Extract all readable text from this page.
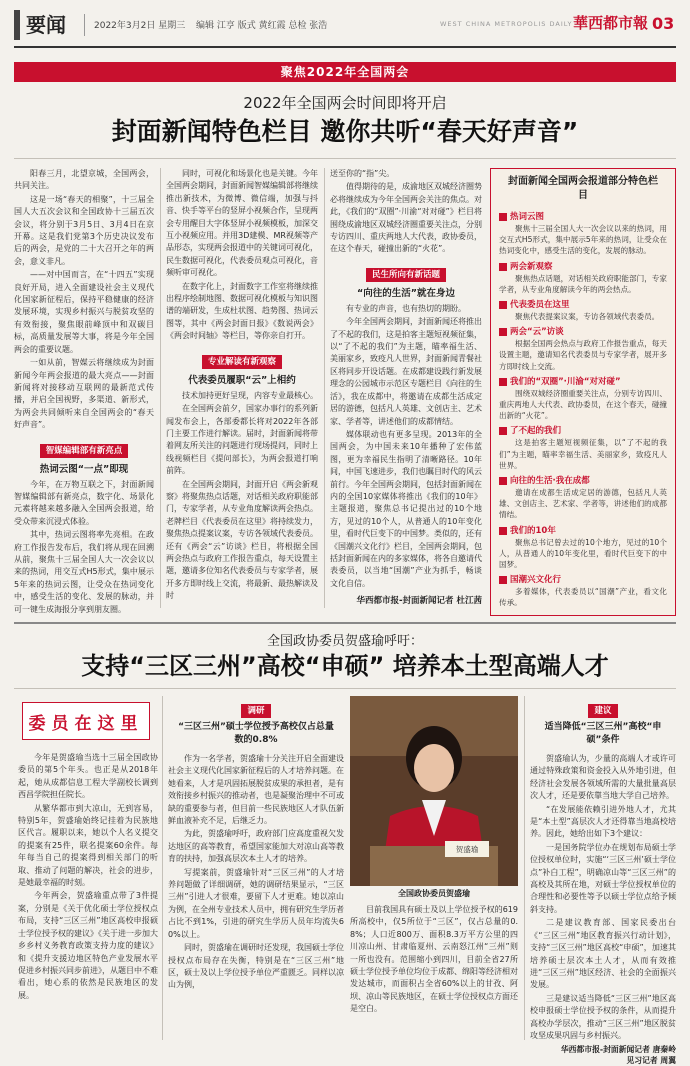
要闻	2022年3月2日 星期三 编辑 江亨 版式 黄红霞 总检 张浩	WEST CHINA METROPOLIS DAILY 華西都市報 03
聚焦2022年全国两会
2022年全国两会时间即将开启
封面新闻特色栏目 邀你共听“春天好声音”

阳春三月，北望京城，全国两会，共同关注。

这是一场“春天的相聚”，十三届全国人大五次会议和全国政协十三届五次会议，将分别于3月5日、3月4日在京开幕。这是我们党第3个历史决议发布后的两会，是党的二十大召开之年的两会，意义非凡。

——对中国而言，在“十四五”实现良好开局，进入全面建设社会主义现代化国家新征程后，保持平稳健康的经济发展环境，实现乡村振兴与脱贫攻坚的有效衔接，聚焦眼前峰顶中和双碳目标，高质量发展等大事，将是今年全国两会的重要议题。

一如从前，智媒云将继续成为封面新闻今年两会报道的最大亮点——封面新闻将对接移动互联网的最新范式传播，并启全国视野，多渠道、新形式，为两会共同倾听来自全国两会的“春天好声音”。

智媒编辑部有新亮点
热词云图“一点”即现

今年，在万物互联之下，封面新闻智媒编辑部有新亮点，数字化、场景化元素将越来越多融入全国两会报道，给受众带来沉浸式体验。

其中，热词云图将率先亮相。在政府工作报告发布后，我们将从现在回溯从前，聚焦十三届全国人大一次会议以来的热词，用交互式H5形式，集中展示5年来的热词云图，让受众在热词变化中，感受生活的变化、发展的脉动，并可一键生成海报分享到朋友圈。

同时，可视化和场景化也是关键。今年全国两会期间，封面新闻智媒编辑部将继续推出新技术，为微博、微信端，加强与抖音、快手等平台的竖屏小视频合作，呈现两会专用醒目大字体竖屏小视频模板，加深交互小视频应用。并用3D建模、MR视频等产品形态，实现两会报道中的关键词可视化，民生数据可视化，代表委员观点可视化，音频听审可视化。

在数字化上，封面数字工作室将继续推出程序绘制地图、数据可视化模板与知识图谱的端研发，生成杜状图、趋势图、热词云图等，其中《两会封面日报》《数说两会》《两会时间轴》等栏目，等你亲自打开。

专业解读有新观察
代表委员履职“云”上相约

技术加持更好呈现，内容专业最核心。

在全国两会前夕，国家办事行的系列新闻发布会上，各部委都长将对2022年各部门主要工作进行解读。届时，封面新闻将带着网友所关注的问题进行现场提问，同时上线视频栏目《提问部长》，为两会报道打响前阵。

在全国两会期间，封面开启《两会新观察》将聚焦热点话题，对话相关政府职能部门，专家学者，从专业角度解读两会热点。老牌栏目《代表委员在这里》将持续发力，聚焦热点提案议案，专访各领域代表委员。还有《两会“云”访谈》栏目，将根据全国两会热点与政府工作报告重点，每天设置主题，邀请多位知名代表委员与专家学者，展开多方即时线上交流，将最新、最热解读及时

送至你的“指”尖。

值得期待的是，成渝地区双城经济圈势必将继续成为今年全国两会关注的焦点。对此，《我们的“双圈”·川渝“对对碰”》栏目将围绕成渝地区双城经济圈重要关注点，分别专访四川、重庆两地人大代表，政协委员，在这个春天，碰撞出新的“火花”。

民生所向有新话题
“向往的生活”就在身边

有专业的声音，也有热切的期盼。

今年全国两会期间，封面新闻还将推出了不起的我们，这是拍客主题短视频征集，以“了不起的我们”为主题，瞄率福生活、美丽家乡，致疫凡人世界，封面新闻青餐社区将同步开设话题。在成都建设践行新发展理念的公园城市示范区专题栏目《向往的生活》，我在成都中，将邀请在成都生活成定居的游德，包括凡人英雄、文创店主、艺术家、学者等，讲述他们的成都情结。

媒体联动也有更多呈现。2013年的全国两会，为中国未来10年播种了宏伟蓝图，更为幸福民生指明了清晰路径。10年间，中国飞速进步，我们也瞩目时代的风云前行。今年全国两会期间，包括封面新闻在内的全国10家媒体将推出《我们的10年》主题报道，聚焦总书记提出过的10个地方，见过的10个人，从普通人的10年变化里，看时代巨变下的中国梦。类似的，还有《国潮兴文化行》栏目，全国两会期间，包括封面新闻在内的多家媒体，将各自邀请代表委员，以当地“国潮”产业为抓手，畅谈文化自信。

华西都市报-封面新闻记者 杜江茜
封面新闻全国两会报道部分特色栏目
热词云图
聚焦十三届全国人大一次会议以来的热词，用交互式H5形式，集中展示5年来的热词，让受众在热词变化中，感受生活的变化，发展的脉动。
两会新观察
聚焦热点话题，对话相关政府职能部门，专家学者，从专业角度解读今年的两会热点。
代表委员在这里
聚焦代表提案议案，专访各领域代表委员。
两会“云”访谈
根据全国两会热点与政府工作报告重点，每天设置主题，邀请知名代表委员与专家学者，展开多方即时线上交流。
我们的“双圈”·川渝“对对碰”
围绕双城经济圈重要关注点，分别专访四川、重庆两地人大代表、政协委员，在这个春天，碰撞出新的“火花”。
了不起的我们
这是拍客主题短视频征集，以“了不起的我们”为主题，瞄率幸福生活、美丽家乡，致疫凡人世界。
向往的生活·我在成都
邀请在成都生活成定居的游德，包括凡人英雄、文创店主、艺术家、学者等，讲述他们的成都情结。
我们的10年
聚焦总书记曾去过的10个地方，见过的10个人，从普通人的10年变化里，看时代巨变下的中国梦。
国潮兴文化行
多着媒体，代表委员以“国潮”产业，看文化传承。
全国政协委员贺盛瑜呼吁：
支持“三区三州”高校“申硕” 培养本土型高端人才
委员在这里

今年是贺盛瑜当选十三届全国政协委员的第5个年头。也正是从2018年起，她从成都信息工程大学副校长调到西昌学院担任院长。

从繁华都市到大凉山，无到容易，特别5年，贺盛瑜始终记挂着为民族地区代言。履职以来，她以个人名义提交的提案有25件，联名提案60余件。每年每当自己的提案得到相关部门的听取、推动了问题的解决，社会的进步，是她最幸福的时刻。

今年两会，贺盛瑜重点带了3件提案，分别是《关于优化硕士学位授权点布局，支持“三区三州”地区高校申报硕士学位授予权的建议》《关于进一步加大乡乡村义务教育政策支持力度的建议》和《提升支援边地区特色产业发展水平 促进乡村振兴同步前进》，从题目中不难看出，她心系的依然是民族地区的发展。

调研
“三区三州”硕士学位授予高校仅占总量数的0.8%

作为一名学者，贺盛瑜十分关注开启全面建设社会主义现代化国家新征程后的人才培养问题。在她看来，人才是巩固拓展脱贫成果的承担者，是有效衔接乡村振兴的推动者，也是凝聚治理中不可或缺的重要参与者，但目前一些民族地区人才队伍新鲜血液补充不足，后继乏力。

为此，贺盛瑜呼吁，政府部门应高度重视欠发达地区的高等教育，希望国家能加大对凉山高等教育的扶持，加强高层次本土人才的培养。

写提案前，贺盛瑜针对“三区三州”的人才培养问题做了详细调研，她的调研结果显示，“三区三州”引进人才很难，要留下人才更难。她以凉山为例，在全州专业技术人员中，拥有研究生学历者占比不到1%，引进的研究生学历人员年均流失60%以上。

同时，贺盛瑜在调研时还发现，我国硕士学位授权点布局存在失衡，特别是在“三区三州”地区，硕士及以上学位授予单位严重匮乏。同样以凉山为例，

贺盛瑜
全国政协委员贺盛瑜

目前我国具有硕士及以上学位授予权的619所高校中，仅5所位于“三区”，仅占总量的0.8%；人口近800万、面积8.3万平方公里的四川凉山州、甘肃临夏州、云南怒江州“三州”则一所也没有。范围缩小到四川，目前全省27所硕士学位授予单位均位于成都、绵阳等经济相对发达城市，而面积占全省60%以上的甘孜、阿坝、凉山等民族地区，在硕士学位授权点方面还是空白。

建议
适当降低“三区三州”高校“申硕”条件

贺盛瑜认为，少量的高端人才或许可通过特殊政策和资金投入从外地引进，但经济社会发展各领域所需的大量批量高层次人才，还是要依靠当地大学自己培养。

“在发展能依赖引进外地人才，尤其是“本土型”高层次人才还得靠当地高校培养。因此，她给出如下3个建议：

一是国务院学位办在规划布局硕士学位授权单位时，实施“‘三区三州’硕士学位点”补白工程”，明确凉山等“三区三州”的高校及其所在地，对硕士学位授权单位的合理性和必要性等予以硕士学位点给予倾斜支持。

二是建议教育部、国家民委出台《“三区三州”地区教育振兴行动计划》，支持“三区三州”地区高校“申硕”，加速其培养硕士层次本土人才，从而有效推进“三区三州”地区经济、社会的全面振兴发展。

三是建议适当降低“三区三州”地区高校申报硕士学位授予权的条件，从而提升高校办学层次，推动“三区三州”地区脱贫攻坚成果巩固与乡村振兴。

华西都市报-封面新闻记者 唐秦岭
见习记者 周翼
